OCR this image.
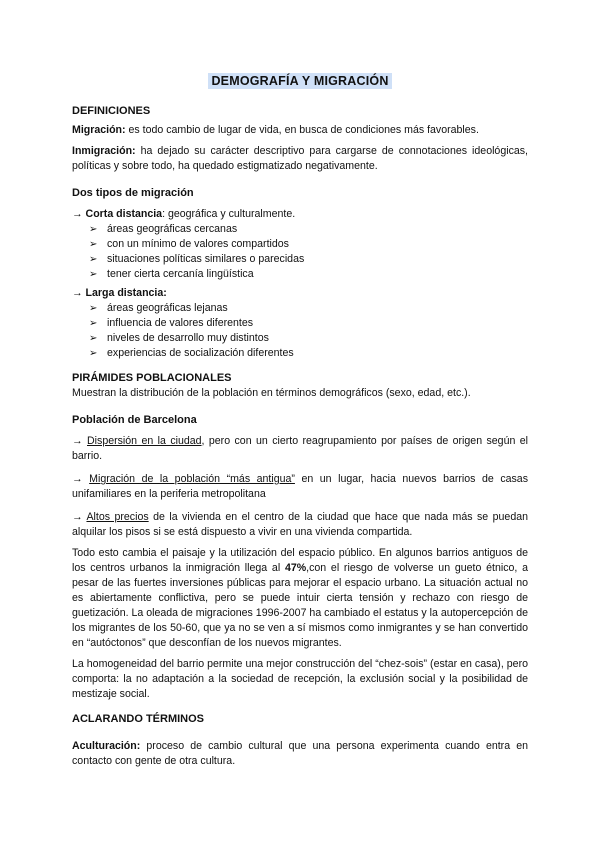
DEMOGRAFÍA Y MIGRACIÓN

DEFINICIONES

Migración: es todo cambio de lugar de vida, en busca de condiciones más favorables.

Inmigración: ha dejado su carácter descriptivo para cargarse de connotaciones ideológicas, políticas y sobre todo, ha quedado estigmatizado negativamente.

Dos tipos de migración

→ Corta distancia: geográfica y culturalmente.

➢ áreas geográficas cercanas
➢ con un mínimo de valores compartidos
➢ situaciones políticas similares o parecidas
➢ tener cierta cercanía lingüística

→ Larga distancia:

➢ áreas geográficas lejanas
➢ influencia de valores diferentes
➢ niveles de desarrollo muy distintos
➢ experiencias de socialización diferentes

PIRÁMIDES POBLACIONALES

Muestran la distribución de la población en términos demográficos (sexo, edad, etc.).

Población de Barcelona

→ Dispersión en la ciudad, pero con un cierto reagrupamiento por países de origen según el barrio.

→ Migración de la población “más antigua” en un lugar, hacia nuevos barrios de casas unifamiliares en la periferia metropolitana

→ Altos precios de la vivienda en el centro de la ciudad que hace que nada más se puedan alquilar los pisos si se está dispuesto a vivir en una vivienda compartida.

Todo esto cambia el paisaje y la utilización del espacio público. En algunos barrios antiguos de los centros urbanos la inmigración llega al 47%,con el riesgo de volverse un gueto étnico, a pesar de las fuertes inversiones públicas para mejorar el espacio urbano. La situación actual no es abiertamente conflictiva, pero se puede intuir cierta tensión y rechazo con riesgo de guetización. La oleada de migraciones 1996-2007 ha cambiado el estatus y la autopercepción de los migrantes de los 50-60, que ya no se ven a sí mismos como inmigrantes y se han convertido en “autóctonos” que desconfían de los nuevos migrantes.

La homogeneidad del barrio permite una mejor construcción del “chez-sois” (estar en casa), pero comporta: la no adaptación a la sociedad de recepción, la exclusión social y la posibilidad de mestizaje social.

ACLARANDO TÉRMINOS

Aculturación: proceso de cambio cultural que una persona experimenta cuando entra en contacto con gente de otra cultura.
